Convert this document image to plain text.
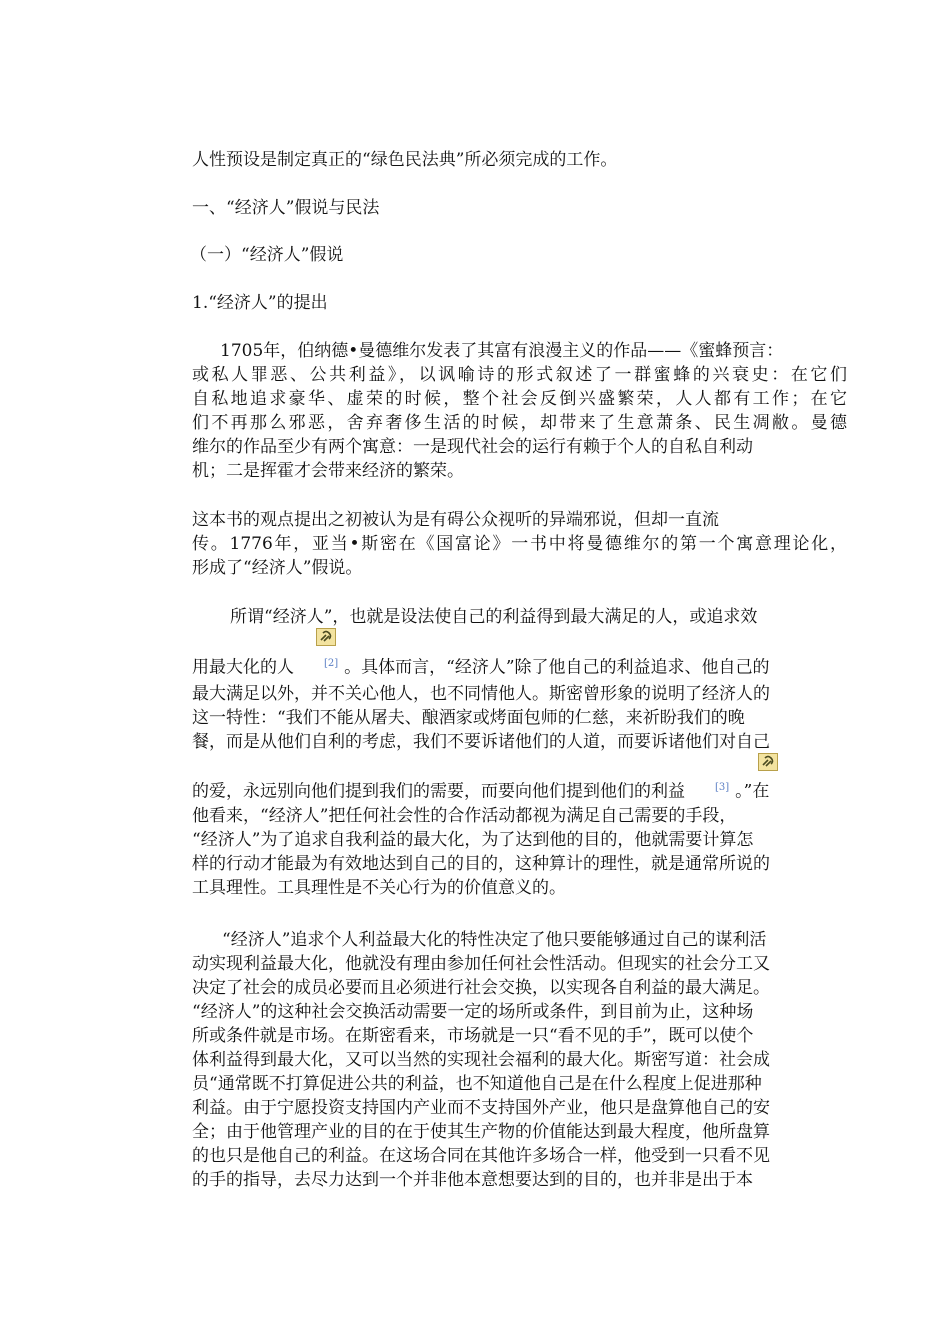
人性预设是制定真正的“绿色民法典”所必须完成的工作。
一、“经济人”假说与民法
（一）“经济人”假说
1.“经济人”的提出
1705年，伯纳德•曼德维尔发表了其富有浪漫主义的作品——《蜜蜂预言：
或私人罪恶、公共利益》，以讽喻诗的形式叙述了一群蜜蜂的兴衰史：在它们
自私地追求豪华、虚荣的时候，整个社会反倒兴盛繁荣，人人都有工作；在它
们不再那么邪恶，舍弃奢侈生活的时候，却带来了生意萧条、民生凋敝。曼德
维尔的作品至少有两个寓意：一是现代社会的运行有赖于个人的自私自利动
机；二是挥霍才会带来经济的繁荣。
这本书的观点提出之初被认为是有碍公众视听的异端邪说，但却一直流
传。1776年，亚当•斯密在《国富论》一书中将曼德维尔的第一个寓意理论化，
形成了“经济人”假说。
所谓“经济人”，也就是设法使自己的利益得到最大满足的人，或追求效
用最大化的人	[2] 。具体而言，“经济人”除了他自己的利益追求、他自己的
最大满足以外，并不关心他人，也不同情他人。斯密曾形象的说明了经济人的
这一特性：“我们不能从屠夫、酿酒家或烤面包师的仁慈，来祈盼我们的晚
餐，而是从他们自利的考虑，我们不要诉诸他们的人道，而要诉诸他们对自己
的爱，永远别向他们提到我们的需要，而要向他们提到他们的利益	[3] 。”在
他看来，“经济人”把任何社会性的合作活动都视为满足自己需要的手段，
“经济人”为了追求自我利益的最大化，为了达到他的目的，他就需要计算怎
样的行动才能最为有效地达到自己的目的，这种算计的理性，就是通常所说的
工具理性。工具理性是不关心行为的价值意义的。
“经济人”追求个人利益最大化的特性决定了他只要能够通过自己的谋利活
动实现利益最大化，他就没有理由参加任何社会性活动。但现实的社会分工又
决定了社会的成员必要而且必须进行社会交换，以实现各自利益的最大满足。
“经济人”的这种社会交换活动需要一定的场所或条件，到目前为止，这种场
所或条件就是市场。在斯密看来，市场就是一只“看不见的手”，既可以使个
体利益得到最大化，又可以当然的实现社会福利的最大化。斯密写道：社会成
员“通常既不打算促进公共的利益，也不知道他自己是在什么程度上促进那种
利益。由于宁愿投资支持国内产业而不支持国外产业，他只是盘算他自己的安
全；由于他管理产业的目的在于使其生产物的价值能达到最大程度，他所盘算
的也只是他自己的利益。在这场合同在其他许多场合一样，他受到一只看不见
的手的指导，去尽力达到一个并非他本意想要达到的目的，也并非是出于本
